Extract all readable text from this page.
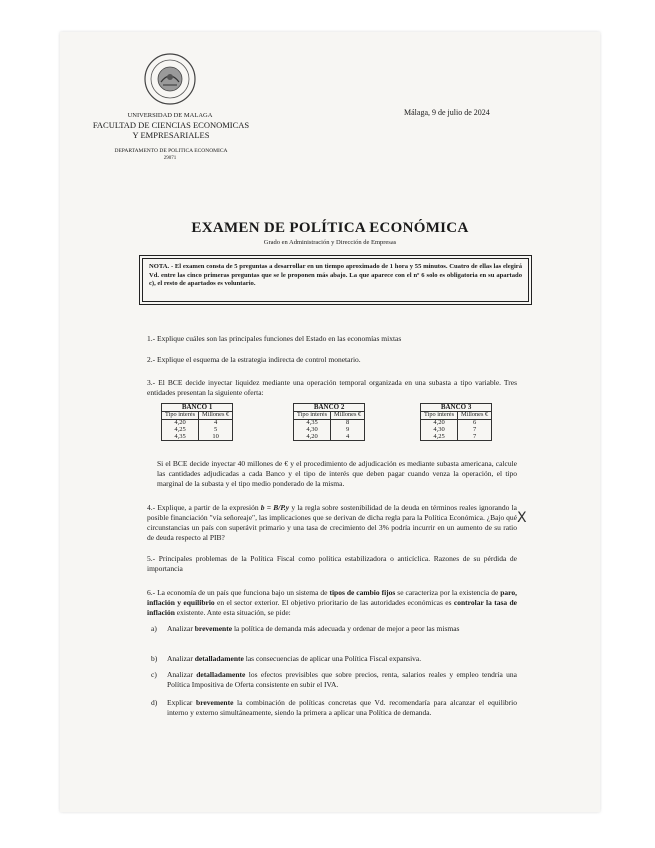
UNIVERSIDAD DE MALAGA
FACULTAD DE CIENCIAS ECONOMICAS
Y EMPRESARIALES
DEPARTAMENTO DE POLITICA ECONOMICA
29071
Málaga, 9 de julio de 2024
EXAMEN DE POLÍTICA ECONÓMICA
Grado en Administración y Dirección de Empresas
NOTA. - El examen consta de 5 preguntas a desarrollar en un tiempo aproximado de 1 hora y 55 minutos. Cuatro de ellas las elegirá Vd. entre las cinco primeras preguntas que se le proponen más abajo. La que aparece con el nº 6 solo es obligatoria en su apartado c), el resto de apartados es voluntario.
1.- Explique cuáles son las principales funciones del Estado en las economías mixtas
2.- Explique el esquema de la estrategia indirecta de control monetario.
3.- El BCE decide inyectar liquidez mediante una operación temporal organizada en una subasta a tipo variable. Tres entidades presentan la siguiente oferta:
BANCO 1	
Tipo interés	Millones €
4,20	4
4,25	5
4,35	10
BANCO 2	
Tipo interés	Millones €
4,35	8
4,30	9
4,20	4
BANCO 3	
Tipo interés	Millones €
4,20	6
4,30	7
4,25	7
Si el BCE decide inyectar 40 millones de € y el procedimiento de adjudicación es mediante subasta americana, calcule las cantidades adjudicadas a cada Banco y el tipo de interés que deben pagar cuando venza la operación, el tipo marginal de la subasta y el tipo medio ponderado de la misma.
4.- Explique, a partir de la expresión b = B/P.y y la regla sobre sostenibilidad de la deuda en términos reales ignorando la posible financiación "vía señoreaje", las implicaciones que se derivan de dicha regla para la Política Económica. ¿Bajo qué circunstancias un país con superávit primario y una tasa de crecimiento del 3% podría incurrir en un aumento de su ratio de deuda respecto al PIB?
X
5.- Principales problemas de la Política Fiscal como política estabilizadora o anticíclica. Razones de su pérdida de importancia
6.- La economía de un país que funciona bajo un sistema de tipos de cambio fijos se caracteriza por la existencia de paro, inflación y equilibrio en el sector exterior. El objetivo prioritario de las autoridades económicas es controlar la tasa de inflación existente. Ante esta situación, se pide:
a) Analizar brevemente la política de demanda más adecuada y ordenar de mejor a peor las mismas
b) Analizar detalladamente las consecuencias de aplicar una Política Fiscal expansiva.
c) Analizar detalladamente los efectos previsibles que sobre precios, renta, salarios reales y empleo tendría una Política Impositiva de Oferta consistente en subir el IVA.
d) Explicar brevemente la combinación de políticas concretas que Vd. recomendaría para alcanzar el equilibrio interno y externo simultáneamente, siendo la primera a aplicar una Política de demanda.
